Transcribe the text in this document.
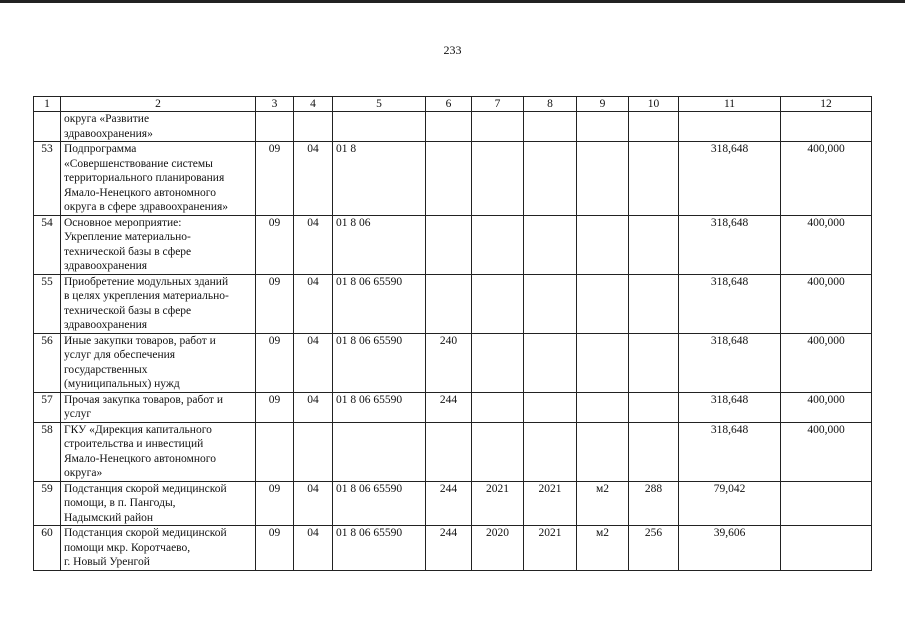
233
1	2	3	4	5	6	7	8	9	10	11	12

	округа «Развитие
здравоохранения»										

53	Подпрограмма
«Совершенствование системы
территориального планирования
Ямало-Ненецкого автономного
округа в сфере здравоохранения»	09	04	01 8						318,648	400,000
54	Основное мероприятие:
Укрепление материально-
технической базы в сфере
здравоохранения	09	04	01 8 06						318,648	400,000
55	Приобретение модульных зданий
в целях укрепления материально-
технической базы в сфере
здравоохранения	09	04	01 8 06 65590						318,648	400,000
56	Иные закупки товаров, работ и
услуг для обеспечения
государственных
(муниципальных) нужд	09	04	01 8 06 65590	240					318,648	400,000
57	Прочая закупка товаров, работ и
услуг	09	04	01 8 06 65590	244					318,648	400,000
58	ГКУ «Дирекция капитального
строительства и инвестиций
Ямало-Ненецкого автономного
округа»									318,648	400,000
59	Подстанция скорой медицинской
помощи, в п. Пангоды,
Надымский район	09	04	01 8 06 65590	244	2021	2021	м2	288	79,042	
60	Подстанция скорой медицинской
помощи мкр. Коротчаево,
г. Новый Уренгой	09	04	01 8 06 65590	244	2020	2021	м2	256	39,606	
